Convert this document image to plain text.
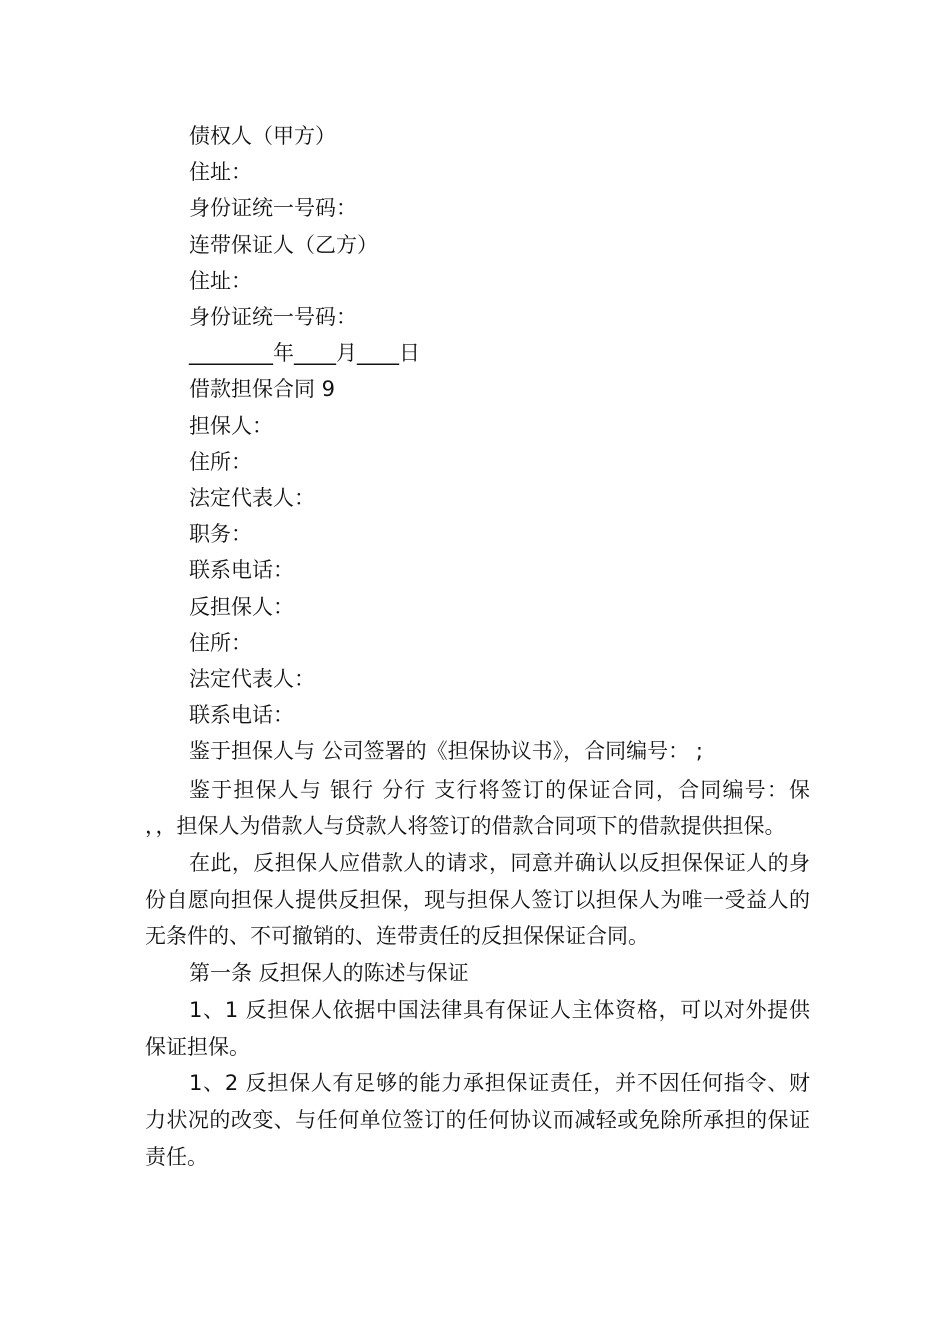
债权人（甲方）
住址：
身份证统一号码：
连带保证人（乙方）
住址：
身份证统一号码：
________年____月____日
借款担保合同 9
担保人：
住所：
法定代表人：
职务：
联系电话：
反担保人：
住所：
法定代表人：
联系电话：
鉴于担保人与 公司签署的《担保协议书》，合同编号： ;

鉴于担保人与 银行 分行 支行将签订的保证合同，合同编号：保 ，，担保人为借款人与贷款人将签订的借款合同项下的借款提供担保。

在此，反担保人应借款人的请求，同意并确认以反担保保证人的身份自愿向担保人提供反担保，现与担保人签订以担保人为唯一受益人的无条件的、不可撤销的、连带责任的反担保保证合同。

第一条 反担保人的陈述与保证

1、1 反担保人依据中国法律具有保证人主体资格，可以对外提供保证担保。

1、2 反担保人有足够的能力承担保证责任，并不因任何指令、财力状况的改变、与任何单位签订的任何协议而减轻或免除所承担的保证责任。
